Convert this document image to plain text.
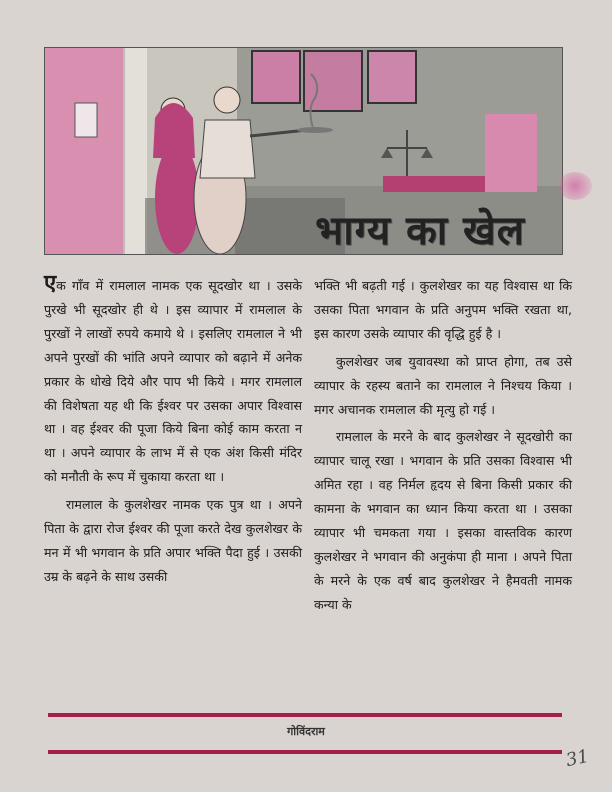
भाग्य का खेल

एक गाँव में रामलाल नामक एक सूदखोर था । उसके पुरखे भी सूदखोर ही थे । इस व्यापार में रामलाल के पुरखों ने लाखों रुपये कमाये थे । इसलिए रामलाल ने भी अपने पुरखों की भांति अपने व्यापार को बढ़ाने में अनेक प्रकार के धोखे दिये और पाप भी किये । मगर रामलाल की विशेषता यह थी कि ईश्वर पर उसका अपार विश्वास था । वह ईश्वर की पूजा किये बिना कोई काम करता न था । अपने व्यापार के लाभ में से एक अंश किसी मंदिर को मनौती के रूप में चुकाया करता था ।

रामलाल के कुलशेखर नामक एक पुत्र था । अपने पिता के द्वारा रोज ईश्वर की पूजा करते देख कुलशेखर के मन में भी भगवान के प्रति अपार भक्ति पैदा हुई । उसकी उम्र के बढ़ने के साथ उसकी

भक्ति भी बढ़ती गई । कुलशेखर का यह विश्वास था कि उसका पिता भगवान के प्रति अनुपम भक्ति रखता था, इस कारण उसके व्यापार की वृद्धि हुई है ।

कुलशेखर जब युवावस्था को प्राप्त होगा, तब उसे व्यापार के रहस्य बताने का रामलाल ने निश्चय किया । मगर अचानक रामलाल की मृत्यु हो गई ।

रामलाल के मरने के बाद कुलशेखर ने सूदखोरी का व्यापार चालू रखा । भगवान के प्रति उसका विश्वास भी अमित रहा । वह निर्मल हृदय से बिना किसी प्रकार की कामना के भगवान का ध्यान किया करता था । उसका व्यापार भी चमकता गया । इसका वास्तविक कारण कुलशेखर ने भगवान की अनुकंपा ही माना । अपने पिता के मरने के एक वर्ष बाद कुलशेखर ने हैमवती नामक कन्या के

गोविंदराम
31
